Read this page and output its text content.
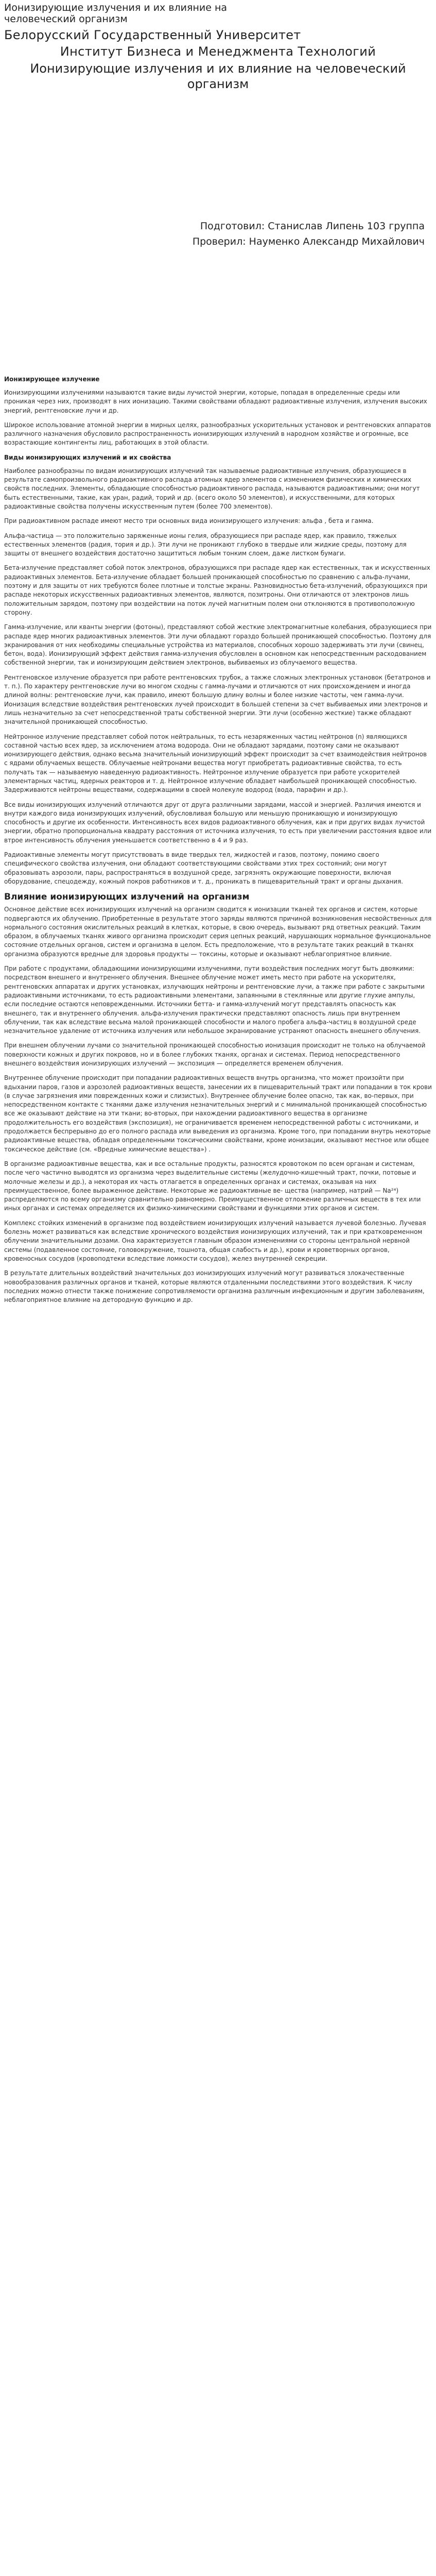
Ионизирующие излучения и их влияние на человеческий организм
Белорусский Государственный Университет
Институт Бизнеса и Менеджмента Технологий
Ионизирующие излучения и их влияние на человеческий организм
Подготовил: Станислав Липень 103 группа
Проверил: Науменко Александр Михайлович
Ионизирующее излучение

Ионизирующими излучениями называются такие виды лучистой энергии, которые, попадая в определенные среды или проникая через них, производят в них ионизацию. Такими свойствами обладают радиоактивные излучения, излучения высоких энергий, рентгеновские лучи и др.

Широкое использование атомной энергии в мирных целях, разнообразных ускорительных установок и рентгеновских аппаратов различного назначения обусловило распространенность ионизирующих излучений в народном хозяйстве и огромные, все возрастающие контингенты лиц, работающих в этой области.

Виды ионизирующих излучений и их свойства

Наиболее разнообразны по видам ионизирующих излучений так называемые радиоактивные излучения, образующиеся в результате самопроизвольного радиоактивного распада атомных ядер элементов с изменением физических и химических свойств последних. Элементы, обладающие способностью радиоактивного распада, называются радиоактивными; они могут быть естественными, такие, как уран, радий, торий и др. (всего около 50 элементов), и искусственными, для которых радиоактивные свойства получены искусственным путем (более 700 элементов).

При радиоактивном распаде имеют место три основных вида ионизирующего излучения: альфа , бета и гамма.

Альфа-частица — это положительно заряженные ионы гелия, образующиеся при распаде ядер, как правило, тяжелых естественных элементов (радия, тория и др.). Эти лучи не проникают глубоко в твердые или жидкие среды, поэтому для защиты от внешнего воздействия достаточно защититься любым тонким слоем, даже листком бумаги.

Бета-излучение представляет собой поток электронов, образующихся при распаде ядер как естественных, так и искусственных радиоактивных элементов. Бета-излучение обладает большей проникающей способностью по сравнению с альфа-лучами, поэтому и для защиты от них требуются более плотные и толстые экраны. Разновидностью бета-излучений, образующихся при распаде некоторых искусственных радиоактивных элементов, являются, позитроны. Они отличаются от электронов лишь положительным зарядом, поэтому при воздействии на поток лучей магнитным полем они отклоняются в противоположную сторону.

Гамма-излучение, или кванты энергии (фотоны), представляют собой жесткие электромагнитные колебания, образующиеся при распаде ядер многих радиоактивных элементов. Эти лучи обладают гораздо большей проникающей способностью. Поэтому для экранирования от них необходимы специальные устройства из материалов, способных хорошо задерживать эти лучи (свинец, бетон, вода). Ионизирующий эффект действия гамма-излучения обусловлен в основном как непосредственным расходованием собственной энергии, так и ионизирующим действием электронов, выбиваемых из облучаемого вещества.

Рентгеновское излучение образуется при работе рентгеновских трубок, а также сложных электронных установок (бетатронов и т. п.). По характеру рентгеновские лучи во многом сходны с гамма-лучами и отличаются от них происхождением и иногда длиной волны: рентгеновские лучи, как правило, имеют большую длину волны и более низкие частоты, чем гамма-лучи. Ионизация вследствие воздействия рентгеновских лучей происходит в большей степени за счет выбиваемых ими электронов и лишь незначительно за счет непосредственной траты собственной энергии. Эти лучи (особенно жесткие) также обладают значительной проникающей способностью.

Нейтронное излучение представляет собой поток нейтральных, то есть незаряженных частиц нейтронов (n) являющихся составной частью всех ядер, за исключением атома водорода. Они не обладают зарядами, поэтому сами не оказывают ионизирующего действия, однако весьма значительный ионизирующий эффект происходит за счет взаимодействия нейтронов с ядрами облучаемых веществ. Облучаемые нейтронами вещества могут приобретать радиоактивные свойства, то есть получать так — называемую наведенную радиоактивность. Нейтронное излучение образуется при работе ускорителей элементарных частиц, ядерных реакторов и т. д. Нейтронное излучение обладает наибольшей проникающей способностью. Задерживаются нейтроны веществами, содержащими в своей молекуле водород (вода, парафин и др.).

Все виды ионизирующих излучений отличаются друг от друга различными зарядами, массой и энергией. Различия имеются и внутри каждого вида ионизирующих излучений, обусловливая большую или меньшую проникающую и ионизирующую способность и другие их особенности. Интенсивность всех видов радиоактивного облучения, как и при других видах лучистой энергии, обратно пропорциональна квадрату расстояния от источника излучения, то есть при увеличении расстояния вдвое или втрое интенсивность облучения уменьшается соответственно в 4 и 9 раз.

Радиоактивные элементы могут присутствовать в виде твердых тел, жидкостей и газов, поэтому, помимо своего специфического свойства излучения, они обладают соответствующими свойствами этих трех состояний; они могут образовывать аэрозоли, пары, распространяться в воздушной среде, загрязнять окружающие поверхности, включая оборудование, спецодежду, кожный покров работников и т. д., проникать в пищеварительный тракт и органы дыхания.

Влияние ионизирующих излучений на организм

Основное действие всех ионизирующих излучений на организм сводится к ионизации тканей тех органов и систем, которые подвергаются их облучению. Приобретенные в результате этого заряды являются причиной возникновения несвойственных для нормального состояния окислительных реакций в клетках, которые, в свою очередь, вызывают ряд ответных реакций. Таким образом, в облучаемых тканях живого организма происходит серия цепных реакций, нарушающих нормальное функциональное состояние отдельных органов, систем и организма в целом. Есть предположение, что в результате таких реакций в тканях организма образуются вредные для здоровья продукты — токсины, которые и оказывают неблагоприятное влияние.

При работе с продуктами, обладающими ионизирующими излучениями, пути воздействия последних могут быть двоякими: посредством внешнего и внутреннего облучения. Внешнее облучение может иметь место при работе на ускорителях, рентгеновских аппаратах и других установках, излучающих нейтроны и рентгеновские лучи, а также при работе с закрытыми радиоактивными источниками, то есть радиоактивными элементами, запаянными в стеклянные или другие глухие ампулы, если последние остаются неповрежденными. Источники бетта- и гамма-излучений могут представлять опасность как внешнего, так и внутреннего облучения. альфа-излучения практически представляют опасность лишь при внутреннем облучении, так как вследствие весьма малой проникающей способности и малого пробега альфа-частиц в воздушной среде незначительное удаление от источника излучения или небольшое экранирование устраняют опасность внешнего облучения.

При внешнем облучении лучами со значительной проникающей способностью ионизация происходит не только на облучаемой поверхности кожных и других покровов, но и в более глубоких тканях, органах и системах. Период непосредственного внешнего воздействия ионизирующих излучений — экспозиция — определяется временем облучения.

Внутреннее облучение происходит при попадании радиоактивных веществ внутрь организма, что может произойти при вдыхании паров, газов и аэрозолей радиоактивных веществ, занесении их в пищеварительный тракт или попадании в ток крови (в случае загрязнения ими поврежденных кожи и слизистых). Внутреннее облучение более опасно, так как, во-первых, при непосредственном контакте с тканями даже излучения незначительных энергий и с минимальной проникающей способностью все же оказывают действие на эти ткани; во-вторых, при нахождении радиоактивного вещества в организме продолжительность его воздействия (экспозиция), не ограничивается временем непосредственной работы с источниками, и продолжается беспрерывно до его полного распада или выведения из организма. Кроме того, при попадании внутрь некоторые радиоактивные вещества, обладая определенными токсическими свойствами, кроме ионизации, оказывают местное или общее токсическое действие (см. «Вредные химические вещества») .

В организме радиоактивные вещества, как и все остальные продукты, разносятся кровотоком по всем органам и системам, после чего частично выводятся из организма через выделительные системы (желудочно-кишечный тракт, почки, потовые и молочные железы и др.), а некоторая их часть отлагается в определенных органах и системах, оказывая на них преимущественное, более выраженное действие. Некоторые же радиоактивные ве- щества (например, натрий — Na²⁴) распределяются по всему организму сравнительно равномерно. Преимущественное отложение различных веществ в тех или иных органах и системах определяется их физико-химическими свойствами и функциями этих органов и систем.

Комплекс стойких изменений в организме под воздействием ионизирующих излучений называется лучевой болезнью. Лучевая болезнь может развиваться как вследствие хронического воздействия ионизирующих излучений, так и при кратковременном облучении значительными дозами. Она характеризуется главным образом изменениями со стороны центральной нервной системы (подавленное состояние, головокружение, тошнота, общая слабость и др.), крови и кроветворных органов, кровеносных сосудов (кровоподтеки вследствие ломкости сосудов), желез внутренней секреции.

В результате длительных воздействий значительных доз ионизирующих излучений могут развиваться злокачественные новообразования различных органов и тканей, которые являются отдаленными последствиями этого воздействия. К числу последних можно отнести также понижение сопротивляемости организма различным инфекционным и другим заболеваниям, неблагоприятное влияние на детородную функцию и др.
